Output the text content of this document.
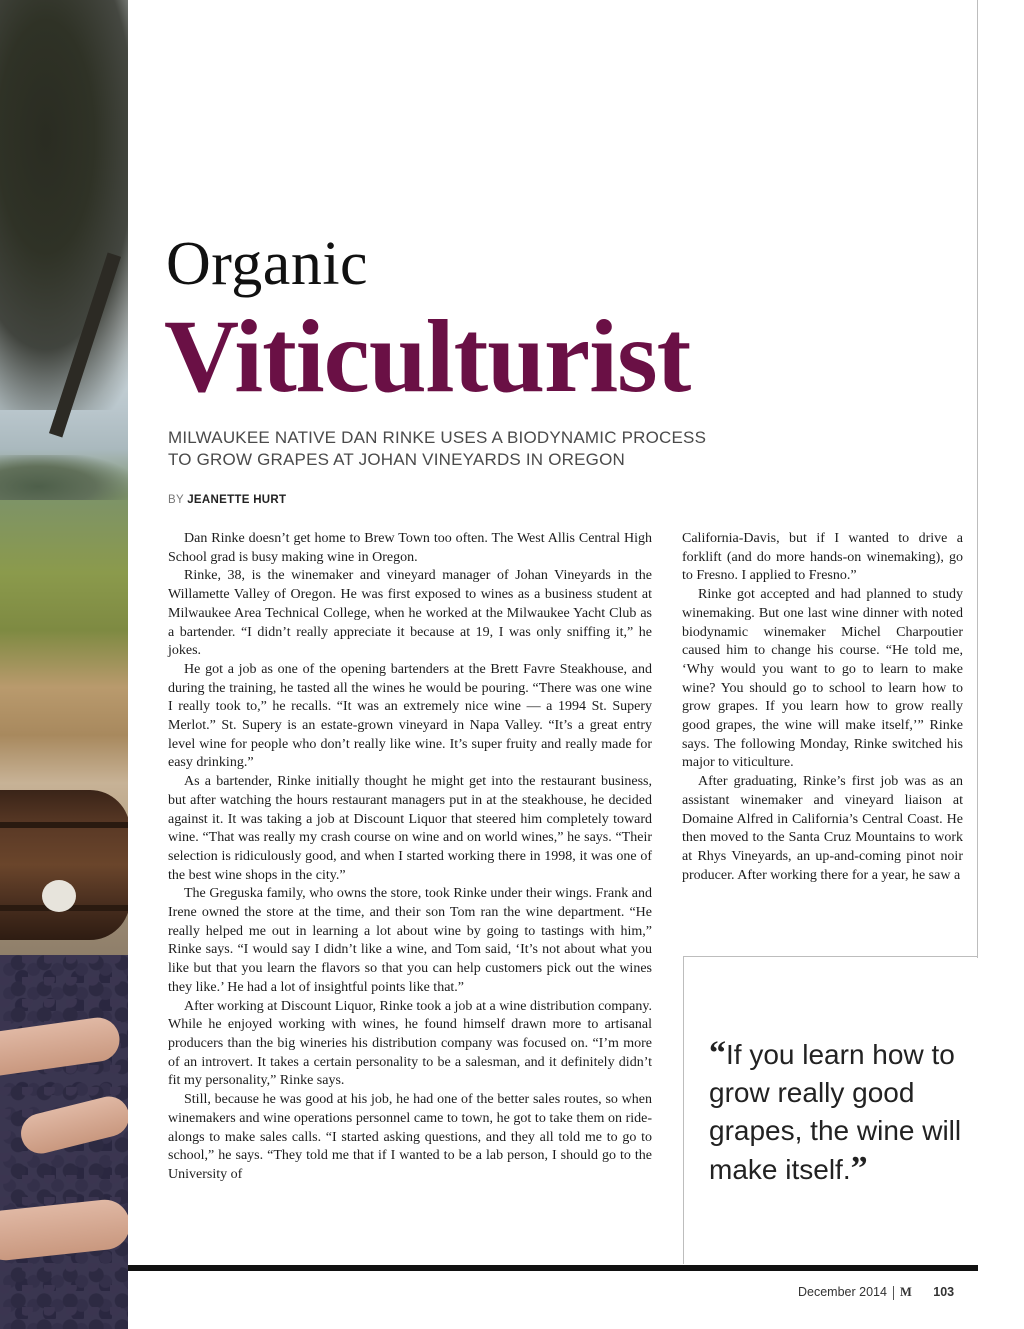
Organic
Viticulturist

MILWAUKEE NATIVE DAN RINKE USES A BIODYNAMIC PROCESS
TO GROW GRAPES AT JOHAN VINEYARDS IN OREGON

BY JEANETTE HURT

Dan Rinke doesn’t get home to Brew Town too often. The West Allis Central High School grad is busy making wine in Oregon.

Rinke, 38, is the winemaker and vineyard manager of Johan Vineyards in the Willamette Valley of Oregon. He was first exposed to wines as a business student at Milwaukee Area Technical College, when he worked at the Milwaukee Yacht Club as a bartender. “I didn’t really appreciate it because at 19, I was only sniffing it,” he jokes.

He got a job as one of the opening bartenders at the Brett Favre Steakhouse, and during the training, he tasted all the wines he would be pouring. “There was one wine I really took to,” he recalls. “It was an extremely nice wine — a 1994 St. Supery Merlot.” St. Supery is an estate-grown vineyard in Napa Valley. “It’s a great entry level wine for people who don’t really like wine. It’s super fruity and really made for easy drinking.”

As a bartender, Rinke initially thought he might get into the restaurant business, but after watching the hours restaurant managers put in at the steakhouse, he decided against it. It was taking a job at Discount Liquor that steered him completely toward wine. “That was really my crash course on wine and on world wines,” he says. “Their selection is ridiculously good, and when I started working there in 1998, it was one of the best wine shops in the city.”

The Greguska family, who owns the store, took Rinke under their wings. Frank and Irene owned the store at the time, and their son Tom ran the wine department. “He really helped me out in learning a lot about wine by going to tastings with him,” Rinke says. “I would say I didn’t like a wine, and Tom said, ‘It’s not about what you like but that you learn the flavors so that you can help customers pick out the wines they like.’ He had a lot of insightful points like that.”

After working at Discount Liquor, Rinke took a job at a wine distribution company. While he enjoyed working with wines, he found himself drawn more to artisanal producers than the big wineries his distribution company was focused on. “I’m more of an introvert. It takes a certain personality to be a salesman, and it definitely didn’t fit my personality,” Rinke says.

Still, because he was good at his job, he had one of the better sales routes, so when winemakers and wine operations personnel came to town, he got to take them on ride-alongs to make sales calls. “I started asking questions, and they all told me to go to school,” he says. “They told me that if I wanted to be a lab person, I should go to the University of

California-Davis, but if I wanted to drive a forklift (and do more hands-on winemaking), go to Fresno. I applied to Fresno.”

Rinke got accepted and had planned to study winemaking. But one last wine dinner with noted biodynamic winemaker Michel Charpoutier caused him to change his course. “He told me, ‘Why would you want to go to learn to make wine? You should go to school to learn how to grow grapes. If you learn how to grow really good grapes, the wine will make itself,’” Rinke says. The following Monday, Rinke switched his major to viticulture.

After graduating, Rinke’s first job was as an assistant winemaker and vineyard liaison at Domaine Alfred in California’s Central Coast. He then moved to the Santa Cruz Mountains to work at Rhys Vineyards, an up-and-coming pinot noir producer. After working there for a year, he saw a

“If you learn how to grow really good grapes, the wine will make itself.”

December 2014 M 103
